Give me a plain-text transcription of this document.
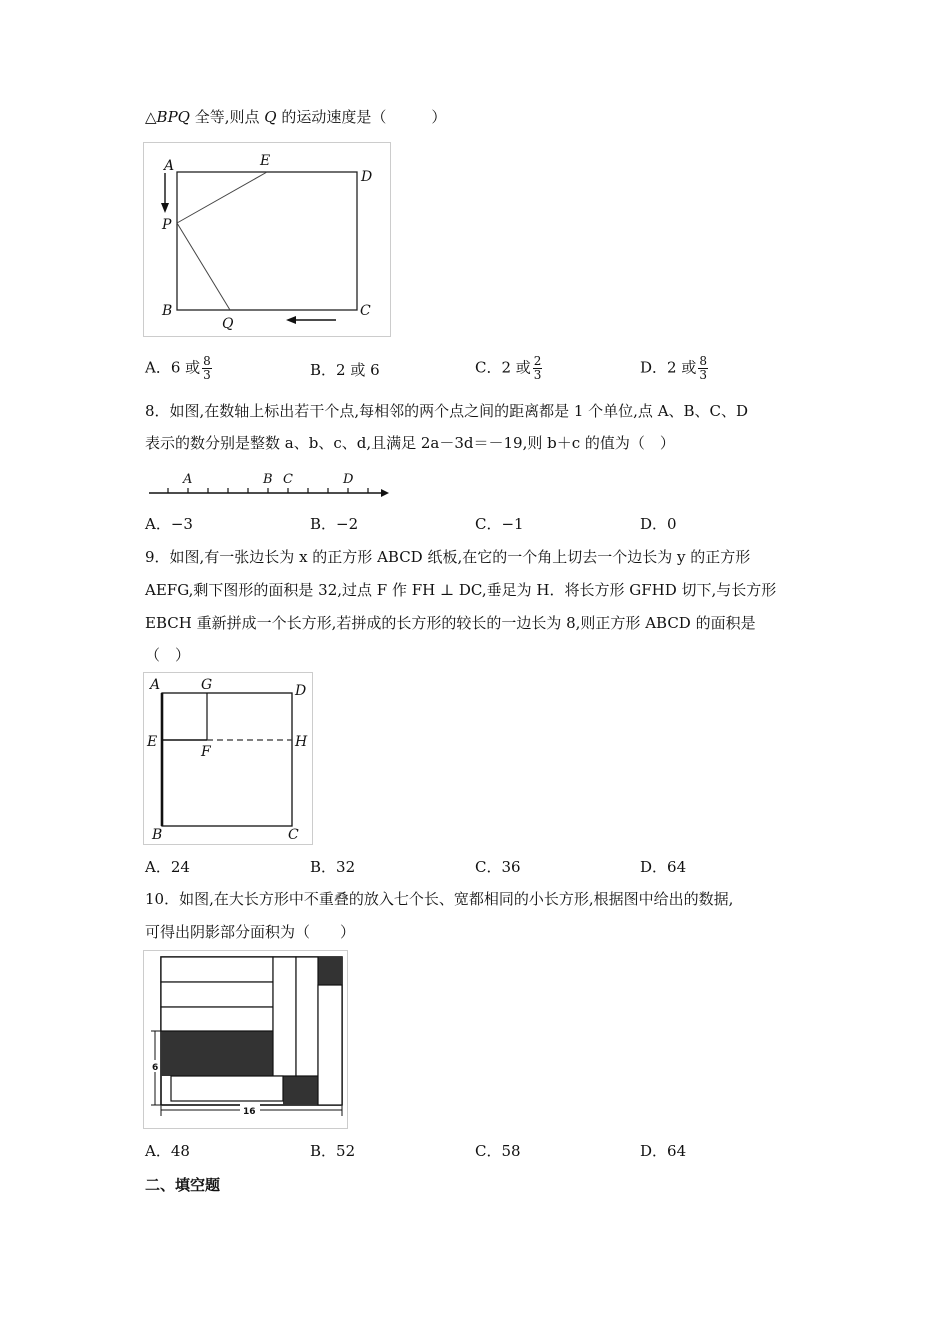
△BPQ 全等,则点 Q 的运动速度是（　　　）
A	E
D
P
B
Q
C
A．6 或 $\frac{8}{3}$	B．2 或 6	C．2 或 $\frac{2}{3}$	D．2 或 $\frac{8}{3}$
8．如图,在数轴上标出若干个点,每相邻的两个点之间的距离都是 1 个单位,点 A、B、C、D
表示的数分别是整数 a、b、c、d,且满足 2a－3d＝－19,则 b＋c 的值为（　）
A	B C	D
A．−3	B．−2	C．−1	D．0
9．如图,有一张边长为 x 的正方形 ABCD 纸板,在它的一个角上切去一个边长为 y 的正方形
AEFG,剩下图形的面积是 32,过点 F 作 FH ⊥ DC,垂足为 H．将长方形 GFHD 切下,与长方形
EBCH 重新拼成一个长方形,若拼成的长方形的较长的一边长为 8,则正方形 ABCD 的面积是
（　）
A	G	D
E
F
H
B	C
A．24	B．32	C．36	D．64
10．如图,在大长方形中不重叠的放入七个长、宽都相同的小长方形,根据图中给出的数据,
可得出阴影部分面积为（　　）
6
16
A．48	B．52	C．58	D．64
二、填空题
